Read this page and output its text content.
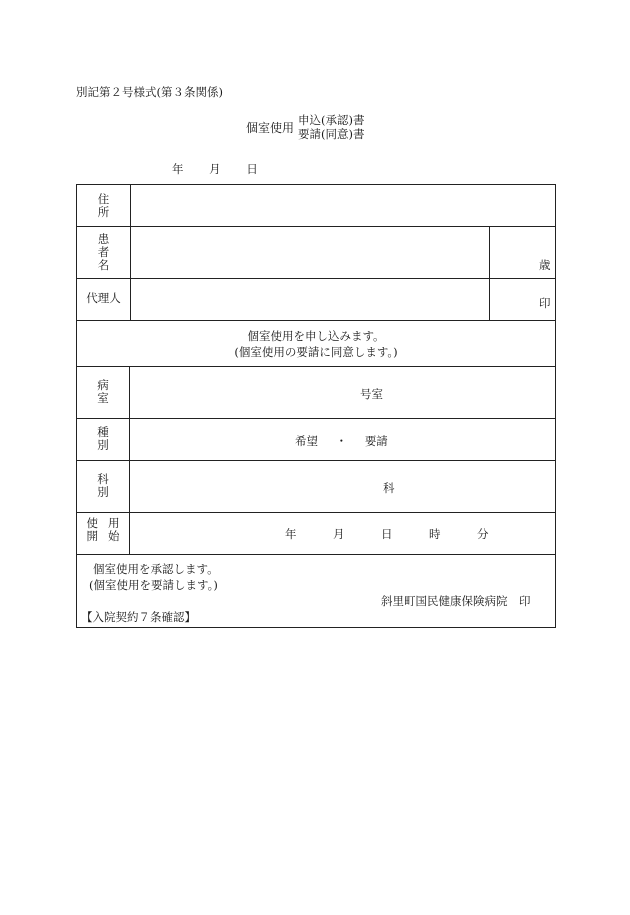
別記第２号様式(第３条関係)
個室使用
申込(承認)書
要請(同意)書
年 月 日
住
所
患
者
名	歳
代理人	印
個室使用を申し込みます。
(個室使用の要請に同意します。)
病
室	号室
種
別	希望 ・ 要請
科
別	科
使 用
開 始	年	月	日	時	分
個室使用を承認します。
(個室使用を要請します。)
斜里町国民健康保険病院　印
【入院契約７条確認】
